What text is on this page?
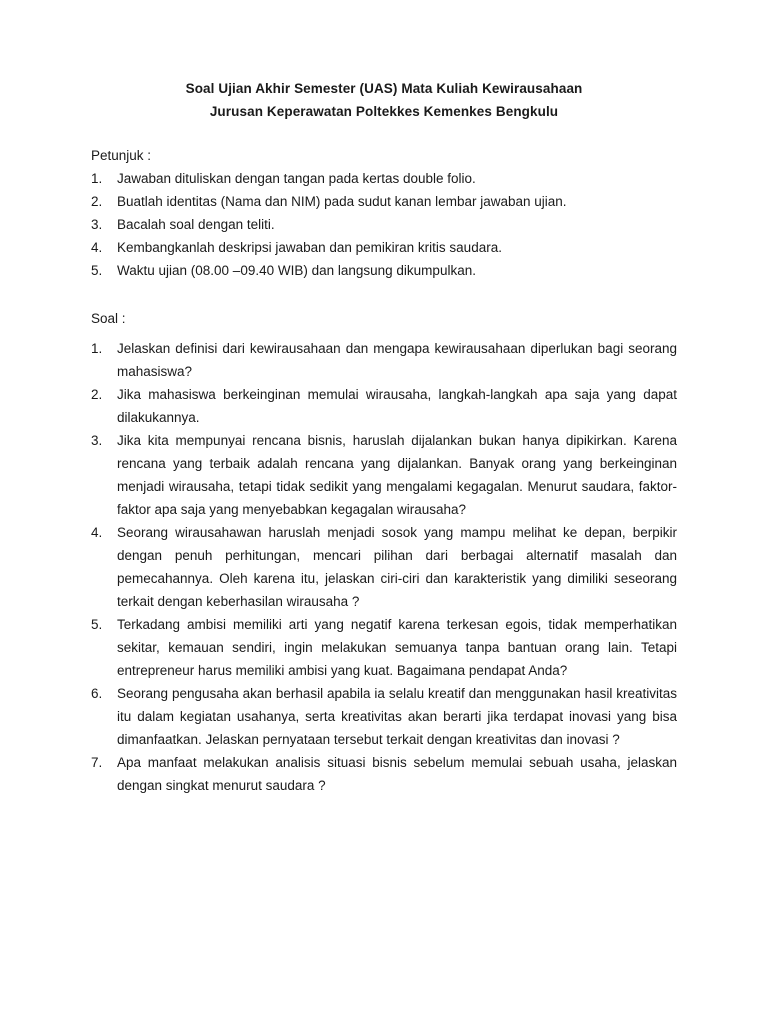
Soal Ujian Akhir Semester (UAS) Mata Kuliah Kewirausahaan
Jurusan Keperawatan Poltekkes Kemenkes Bengkulu

Petunjuk :

1.	Jawaban dituliskan dengan tangan pada kertas double folio.
2.	Buatlah identitas (Nama dan NIM) pada sudut kanan lembar jawaban ujian.
3.	Bacalah soal dengan teliti.
4.	Kembangkanlah deskripsi jawaban dan pemikiran kritis saudara.
5.	Waktu ujian (08.00 –09.40 WIB) dan langsung dikumpulkan.

Soal :

1.	Jelaskan definisi dari kewirausahaan dan mengapa kewirausahaan diperlukan bagi seorang mahasiswa?
2.	Jika mahasiswa berkeinginan memulai wirausaha, langkah-langkah apa saja yang dapat dilakukannya.
3.	Jika kita mempunyai rencana bisnis, haruslah dijalankan bukan hanya dipikirkan. Karena rencana yang terbaik adalah rencana yang dijalankan. Banyak orang yang berkeinginan menjadi wirausaha, tetapi tidak sedikit yang mengalami kegagalan. Menurut saudara, faktor-faktor apa saja yang menyebabkan kegagalan wirausaha?
4.	Seorang wirausahawan haruslah menjadi sosok yang mampu melihat ke depan, berpikir dengan penuh perhitungan, mencari pilihan dari berbagai alternatif masalah dan pemecahannya. Oleh karena itu, jelaskan ciri-ciri dan karakteristik yang dimiliki seseorang terkait dengan keberhasilan wirausaha ?
5.	Terkadang ambisi memiliki arti yang negatif karena terkesan egois, tidak memperhatikan sekitar, kemauan sendiri, ingin melakukan semuanya tanpa bantuan orang lain. Tetapi entrepreneur harus memiliki ambisi yang kuat. Bagaimana pendapat Anda?
6.	Seorang pengusaha akan berhasil apabila ia selalu kreatif dan menggunakan hasil kreativitas itu dalam kegiatan usahanya, serta kreativitas akan berarti jika terdapat inovasi yang bisa dimanfaatkan. Jelaskan pernyataan tersebut terkait dengan kreativitas dan inovasi ?
7.	Apa manfaat melakukan analisis situasi bisnis sebelum memulai sebuah usaha, jelaskan dengan singkat menurut saudara ?
